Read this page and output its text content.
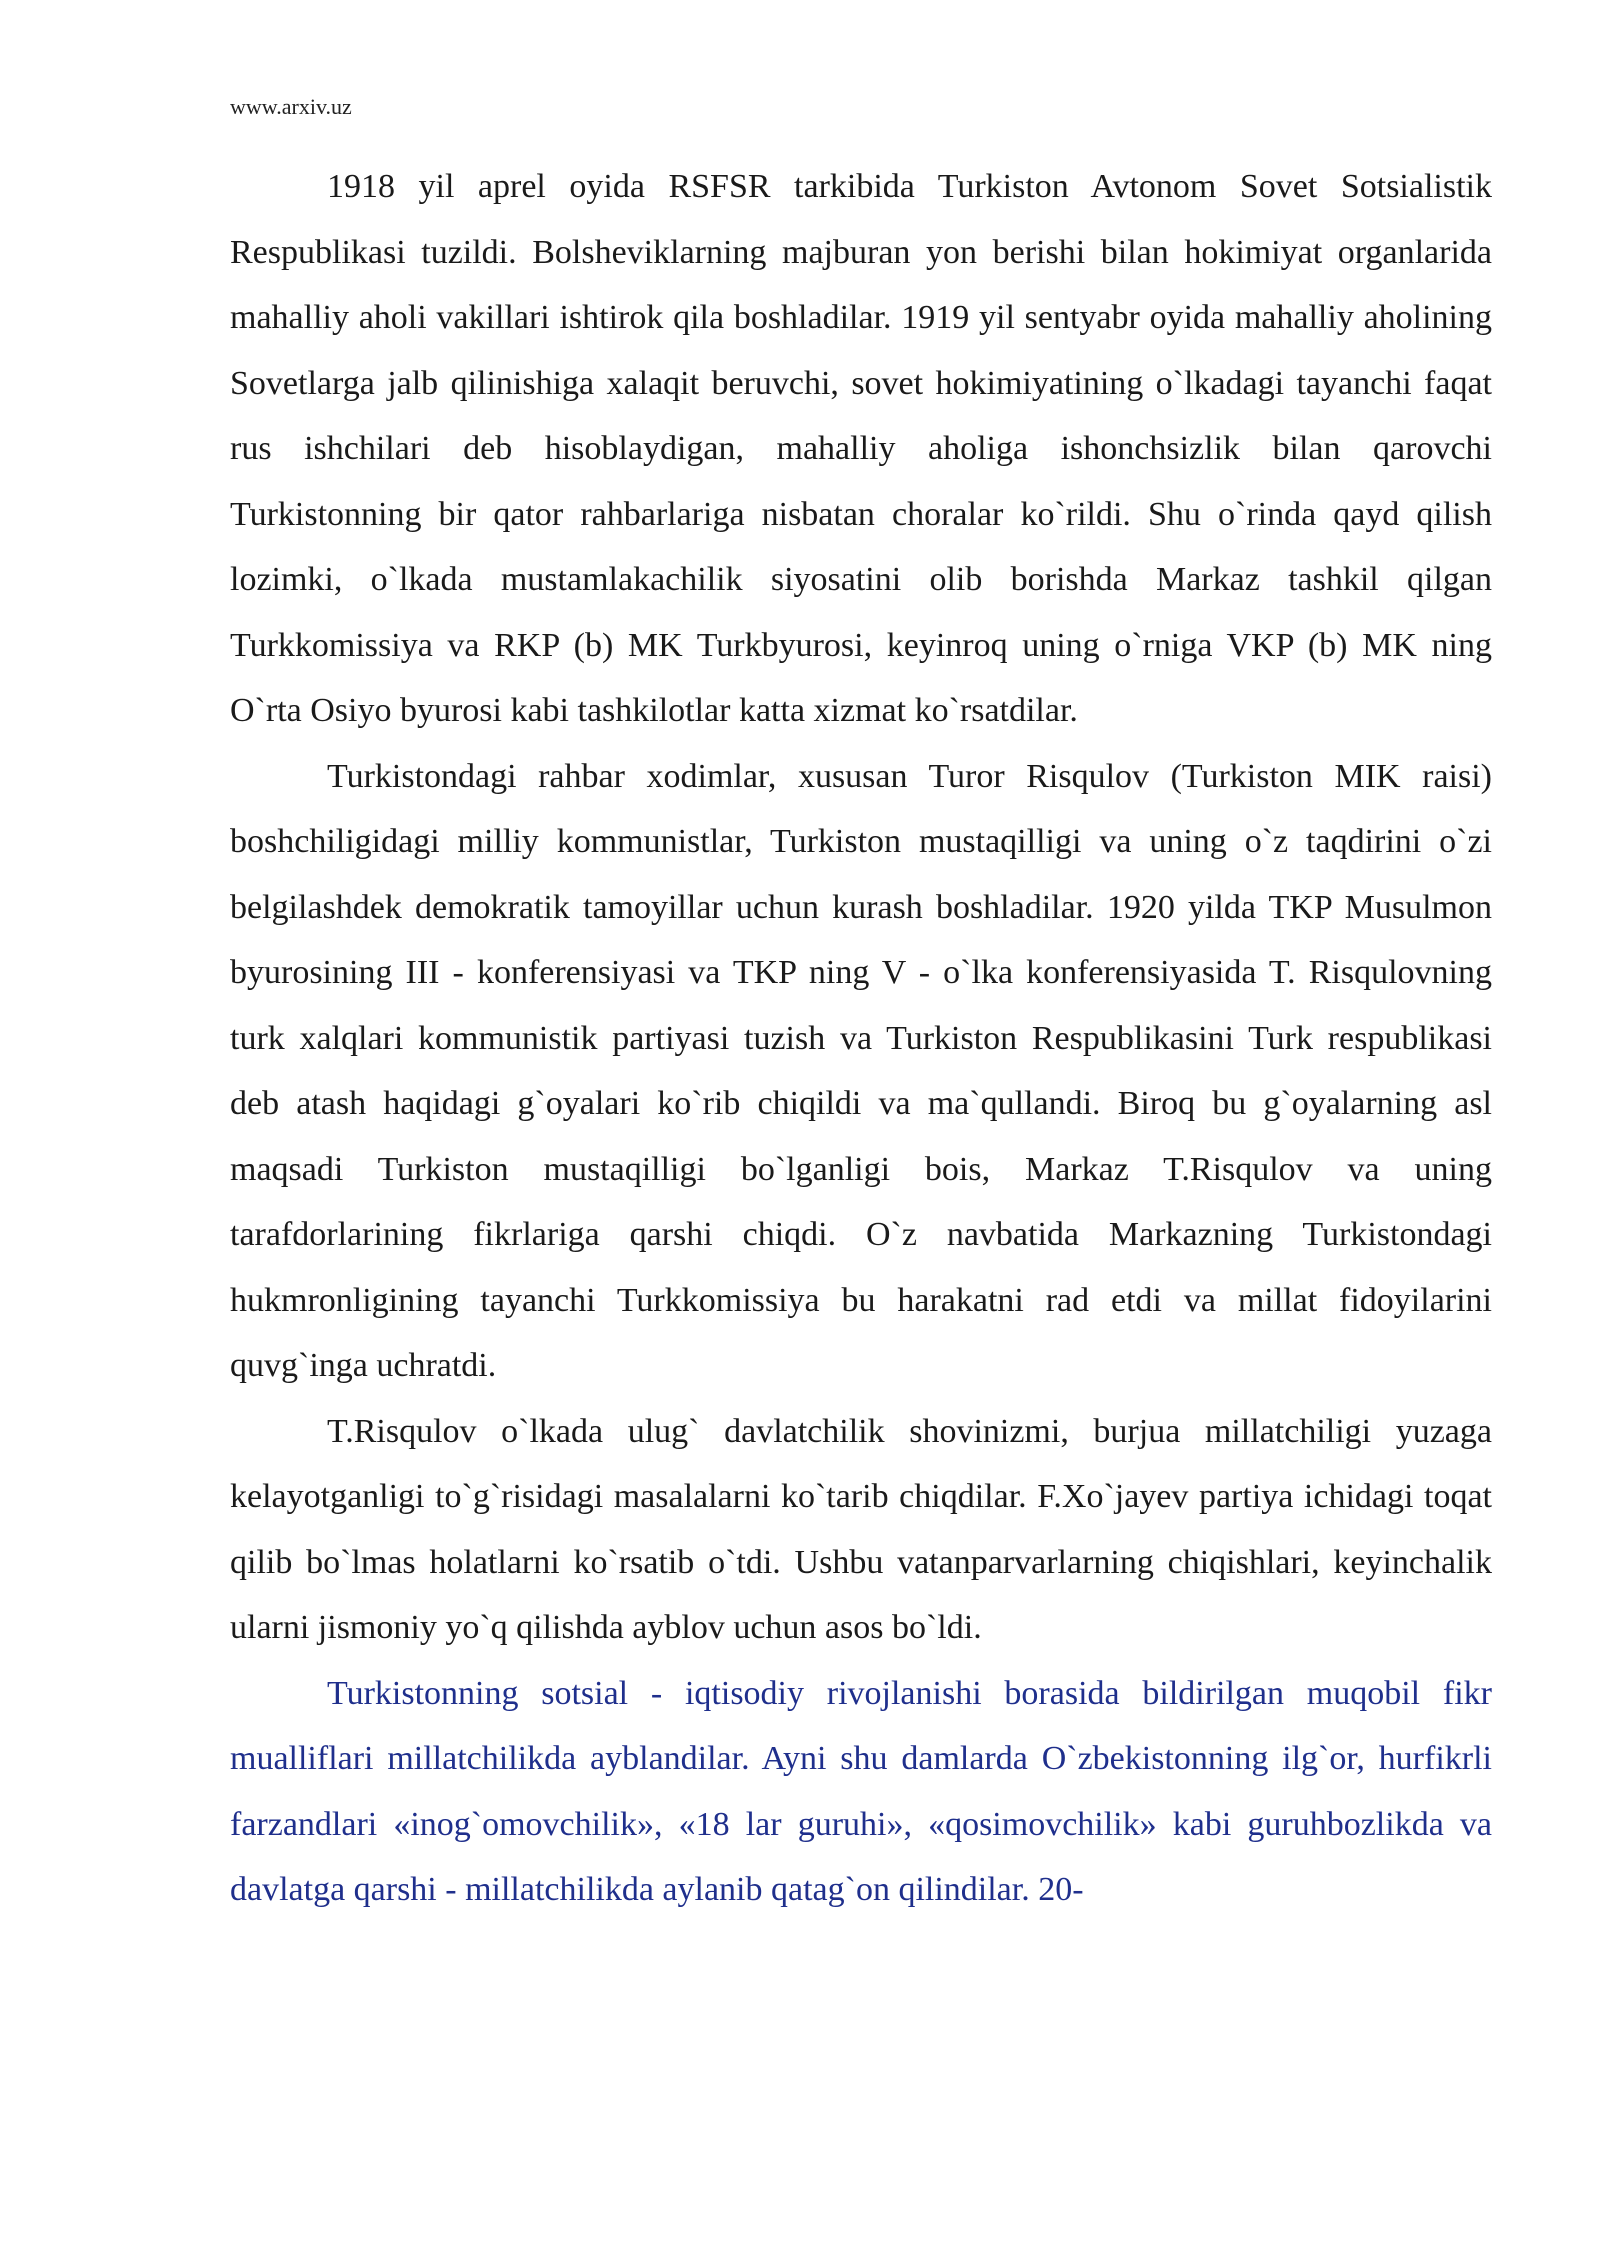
www.arxiv.uz

1918 yil aprel oyida RSFSR tarkibida Turkiston Avtonom Sovet Sotsialistik Respublikasi tuzildi. Bolsheviklarning majburan yon berishi bilan hokimiyat organlarida mahalliy aholi vakillari ishtirok qila boshladilar. 1919 yil sentyabr oyida mahalliy aholining Sovetlarga jalb qilinishiga xalaqit beruvchi, sovet hokimiyatining o`lkadagi tayanchi faqat rus ishchilari deb hisoblaydigan, mahalliy aholiga ishonchsizlik bilan qarovchi Turkistonning bir qator rahbarlariga nisbatan choralar ko`rildi. Shu o`rinda qayd qilish lozimki, o`lkada mustamlakachilik siyosatini olib borishda Markaz tashkil qilgan Turkkomissiya va RKP (b) MK Turkbyurosi, keyinroq uning o`rniga VKP (b) MK ning O`rta Osiyo byurosi kabi tashkilotlar katta xizmat ko`rsatdilar.

Turkistondagi rahbar xodimlar, xususan Turor Risqulov (Turkiston MIK raisi) boshchiligidagi milliy kommunistlar, Turkiston mustaqilligi va uning o`z taqdirini o`zi belgilashdek demokratik tamoyillar uchun kurash boshladilar. 1920 yilda TKP Musulmon byurosining III - konferensiyasi va TKP ning V - o`lka konferensiyasida T. Risqulovning turk xalqlari kommunistik partiyasi tuzish va Turkiston Respublikasini Turk respublikasi deb atash haqidagi g`oyalari ko`rib chiqildi va ma`qullandi. Biroq bu g`oyalarning asl maqsadi Turkiston mustaqilligi bo`lganligi bois, Markaz T.Risqulov va uning tarafdorlarining fikrlariga qarshi chiqdi. O`z navbatida Markazning Turkistondagi hukmronligining tayanchi Turkkomissiya bu harakatni rad etdi va millat fidoyilarini quvg`inga uchratdi.

T.Risqulov o`lkada ulug` davlatchilik shovinizmi, burjua millatchiligi yuzaga kelayotganligi to`g`risidagi masalalarni ko`tarib chiqdilar. F.Xo`jayev partiya ichidagi toqat qilib bo`lmas holatlarni ko`rsatib o`tdi. Ushbu vatanparvarlarning chiqishlari, keyinchalik ularni jismoniy yo`q qilishda ayblov uchun asos bo`ldi.

Turkistonning sotsial - iqtisodiy rivojlanishi borasida bildirilgan muqobil fikr mualliflari millatchilikda ayblandilar. Ayni shu damlarda O`zbekistonning ilg`or, hurfikrli farzandlari «inog`omovchilik», «18 lar guruhi», «qosimovchilik» kabi guruhbozlikda va davlatga qarshi - millatchilikda aylanib qatag`on qilindilar. 20-
